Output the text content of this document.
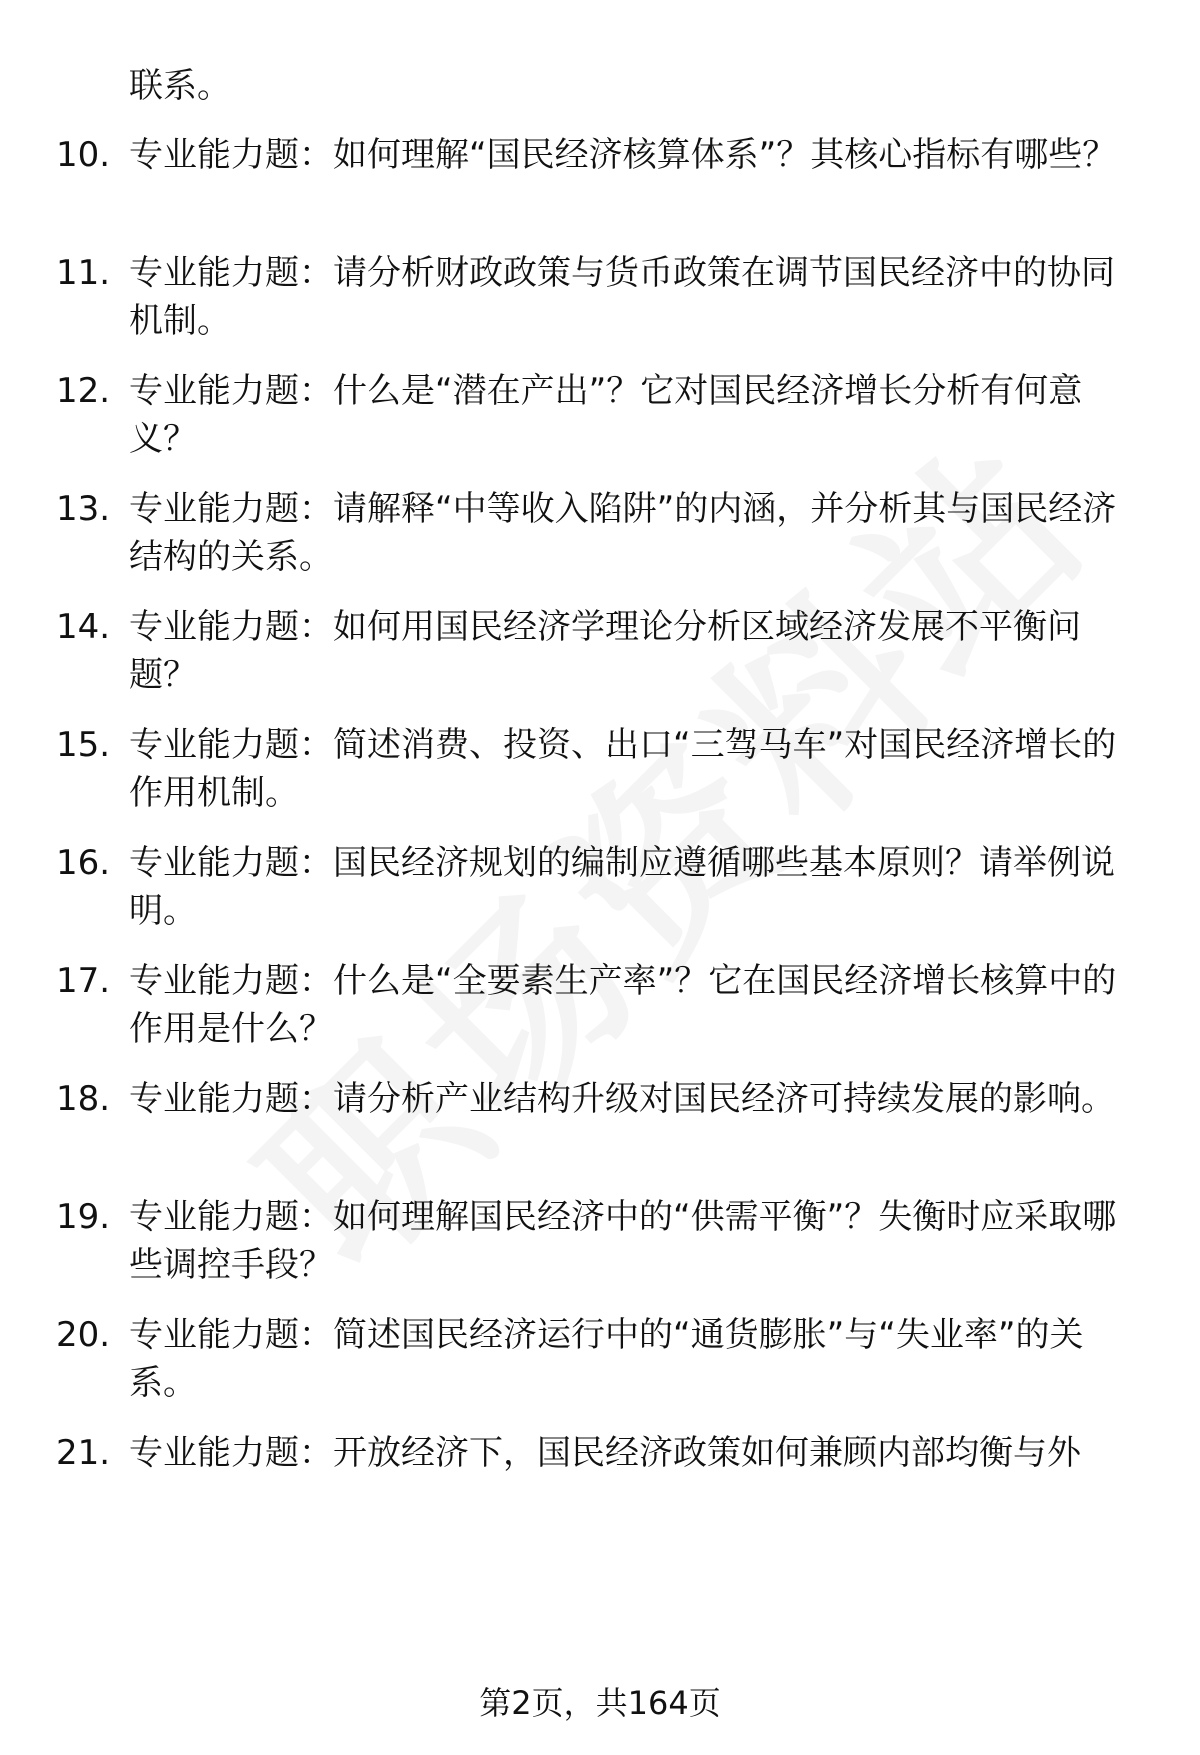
联系。
10. 专业能力题：如何理解“国民经济核算体系”？其核心指标有哪些？
11. 专业能力题：请分析财政政策与货币政策在调节国民经济中的协同机制。
12. 专业能力题：什么是“潜在产出”？它对国民经济增长分析有何意义？
13. 专业能力题：请解释“中等收入陷阱”的内涵，并分析其与国民经济结构的关系。
14. 专业能力题：如何用国民经济学理论分析区域经济发展不平衡问题？
15. 专业能力题：简述消费、投资、出口“三驾马车”对国民经济增长的作用机制。
16. 专业能力题：国民经济规划的编制应遵循哪些基本原则？请举例说明。
17. 专业能力题：什么是“全要素生产率”？它在国民经济增长核算中的作用是什么？
18. 专业能力题：请分析产业结构升级对国民经济可持续发展的影响。
19. 专业能力题：如何理解国民经济中的“供需平衡”？失衡时应采取哪些调控手段？
20. 专业能力题：简述国民经济运行中的“通货膨胀”与“失业率”的关系。
21. 专业能力题：开放经济下，国民经济政策如何兼顾内部均衡与外
第2页，共164页
